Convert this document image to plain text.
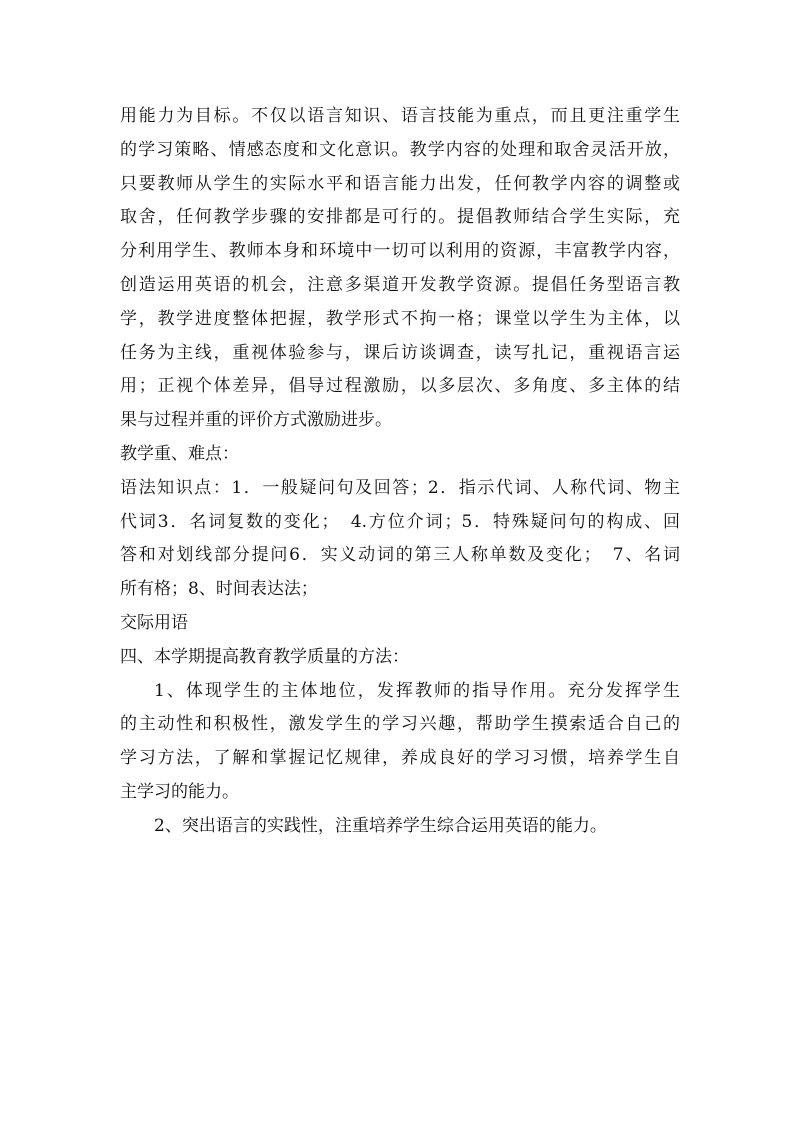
用能力为目标。不仅以语言知识、语言技能为重点，而且更注重学生
的学习策略、情感态度和文化意识。教学内容的处理和取舍灵活开放，
只要教师从学生的实际水平和语言能力出发，任何教学内容的调整或
取舍，任何教学步骤的安排都是可行的。提倡教师结合学生实际，充
分利用学生、教师本身和环境中一切可以利用的资源，丰富教学内容，
创造运用英语的机会，注意多渠道开发教学资源。提倡任务型语言教
学，教学进度整体把握，教学形式不拘一格；课堂以学生为主体，以
任务为主线，重视体验参与，课后访谈调查，读写扎记，重视语言运
用；正视个体差异，倡导过程激励，以多层次、多角度、多主体的结
果与过程并重的评价方式激励进步。
教学重、难点：
语法知识点：1．一般疑问句及回答；2．指示代词、人称代词、物主
代词3．名词复数的变化；　4.方位介词；5．特殊疑问句的构成、回
答和对划线部分提问6．实义动词的第三人称单数及变化；　7、名词
所有格；8、时间表达法；
交际用语
四、本学期提高教育教学质量的方法：
1、体现学生的主体地位，发挥教师的指导作用。充分发挥学生
的主动性和积极性，激发学生的学习兴趣，帮助学生摸索适合自己的
学习方法，了解和掌握记忆规律，养成良好的学习习惯，培养学生自
主学习的能力。
2、突出语言的实践性，注重培养学生综合运用英语的能力。
